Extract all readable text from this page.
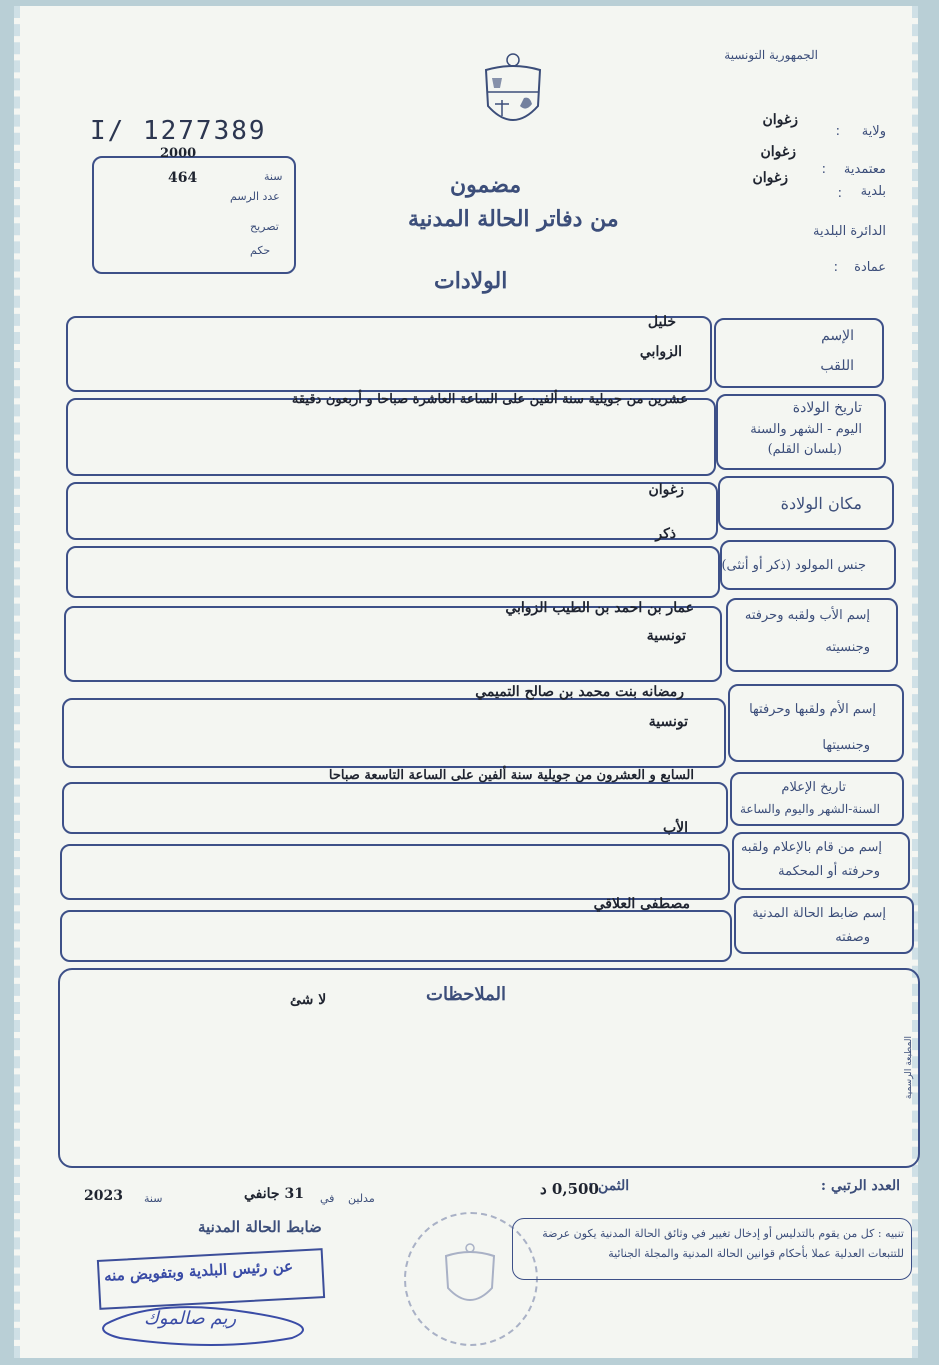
الجمهورية التونسية
ولاية
:
زغوان
معتمدية
:
زغوان
بلدية
:
زغوان
الدائرة البلدية
عمادة
:
I/ 1277389
2000
سنة
464
عدد الرسم
تصريح
حكم
مضمون
من دفاتر الحالة المدنية
الولادات
الإسم
اللقب
خليل
الزوابي
تاريخ الولادة
اليوم - الشهر والسنة
(بلسان القلم)
عشرين من جويلية سنة ألفين على الساعة العاشرة صباحا و أربعون دقيقة
مكان الولادة
زغوان
جنس المولود (ذكر أو أنثى)
ذكر
إسم الأب ولقبه وحرفته
وجنسيته
عمار بن احمد بن الطيب الزوابي
تونسية
إسم الأم ولقبها وحرفتها
وجنسيتها
رمضانه بنت محمد بن صالح التميمي
تونسية
تاريخ الإعلام
السنة-الشهر واليوم والساعة
السابع و العشرون من جويلية سنة ألفين على الساعة التاسعة صباحا
إسم من قام بالإعلام ولقبه
وحرفته أو المحكمة
الأب
إسم ضابط الحالة المدنية
وصفته
مصطفى العلاقي
الملاحظات
لا شئ
المطبعة الرسمية
العدد الرتبي :
الثمن :
0,500 د
مدلين
في
31 جانفي
سنة
2023
ضابط الحالة المدنية
عن رئيس البلدية وبتفويض منه
ريم صالموك
تنبيه : كل من يقوم بالتدليس أو إدخال تغيير في وثائق الحالة المدنية يكون عرضة للتتبعات العدلية عملا بأحكام قوانين الحالة المدنية والمجلة الجنائية
